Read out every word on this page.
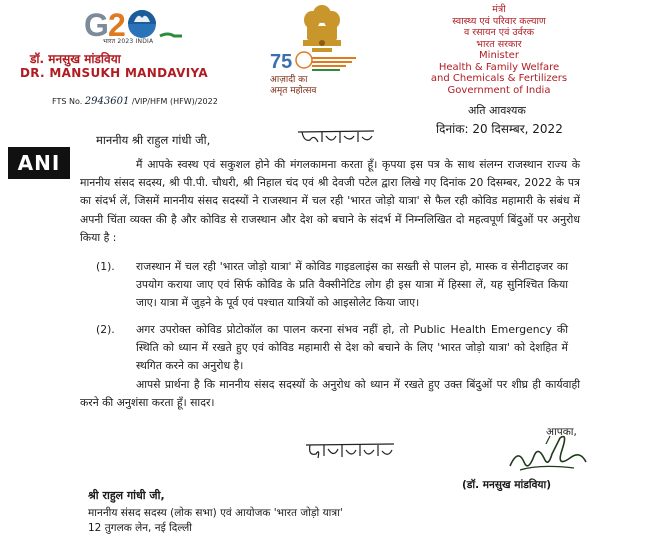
G 2
भारत 2023 INDIA
डॉ. मनसुख मांडविया
DR. MANSUKH MANDAVIYA	75
आज़ादी का
अमृत महोत्सव
मंत्री
स्वास्थ्य एवं परिवार कल्याण
व रसायन एवं उर्वरक
भारत सरकार
Minister
Health & Family Welfare
and Chemicals & Fertilizers
Government of India
FTS No. 2943601 /VIP/HFM (HFW)/2022
अति आवश्यक
दिनांक: 20 दिसम्बर, 2022
ANI
माननीय श्री राहुल गांधी जी,
मैं आपके स्वस्थ एवं सकुशल होने की मंगलकामना करता हूँ। कृपया इस पत्र के साथ संलग्न राजस्थान राज्य के माननीय संसद सदस्य, श्री पी.पी. चौधरी, श्री निहाल चंद एवं श्री देवजी पटेल द्वारा लिखे गए दिनांक 20 दिसम्बर, 2022 के पत्र का संदर्भ लें, जिसमें माननीय संसद सदस्यों ने राजस्थान में चल रही 'भारत जोड़ो यात्रा' से फैल रही कोविड महामारी के संबंध में अपनी चिंता व्यक्त की है और कोविड से राजस्थान और देश को बचाने के संदर्भ में निम्नलिखित दो महत्वपूर्ण बिंदुओं पर अनुरोध किया है :
(1). राजस्थान में चल रही 'भारत जोड़ो यात्रा' में कोविड गाइडलाइंस का सख्ती से पालन हो, मास्क व सेनीटाइजर का उपयोग कराया जाए एवं सिर्फ कोविड के प्रति वैक्सीनेटिड लोग ही इस यात्रा में हिस्सा लें, यह सुनिश्चित किया जाए। यात्रा में जुड़ने के पूर्व एवं पश्चात यात्रियों को आइसोलेट किया जाए।
(2). अगर उपरोक्त कोविड प्रोटोकॉल का पालन करना संभव नहीं हो, तो Public Health Emergency की स्थिति को ध्यान में रखते हुए एवं कोविड महामारी से देश को बचाने के लिए 'भारत जोड़ो यात्रा' को देशहित में स्थगित करने का अनुरोध है।
आपसे प्रार्थना है कि माननीय संसद सदस्यों के अनुरोध को ध्यान में रखते हुए उक्त बिंदुओं पर शीघ्र ही कार्यवाही करने की अनुशंसा करता हूँ। सादर।
आपका,
(डॉ. मनसुख मांडविया)
श्री राहुल गांधी जी,
माननीय संसद सदस्य (लोक सभा) एवं आयोजक 'भारत जोड़ो यात्रा'
12 तुगलक लेन, नई दिल्ली
